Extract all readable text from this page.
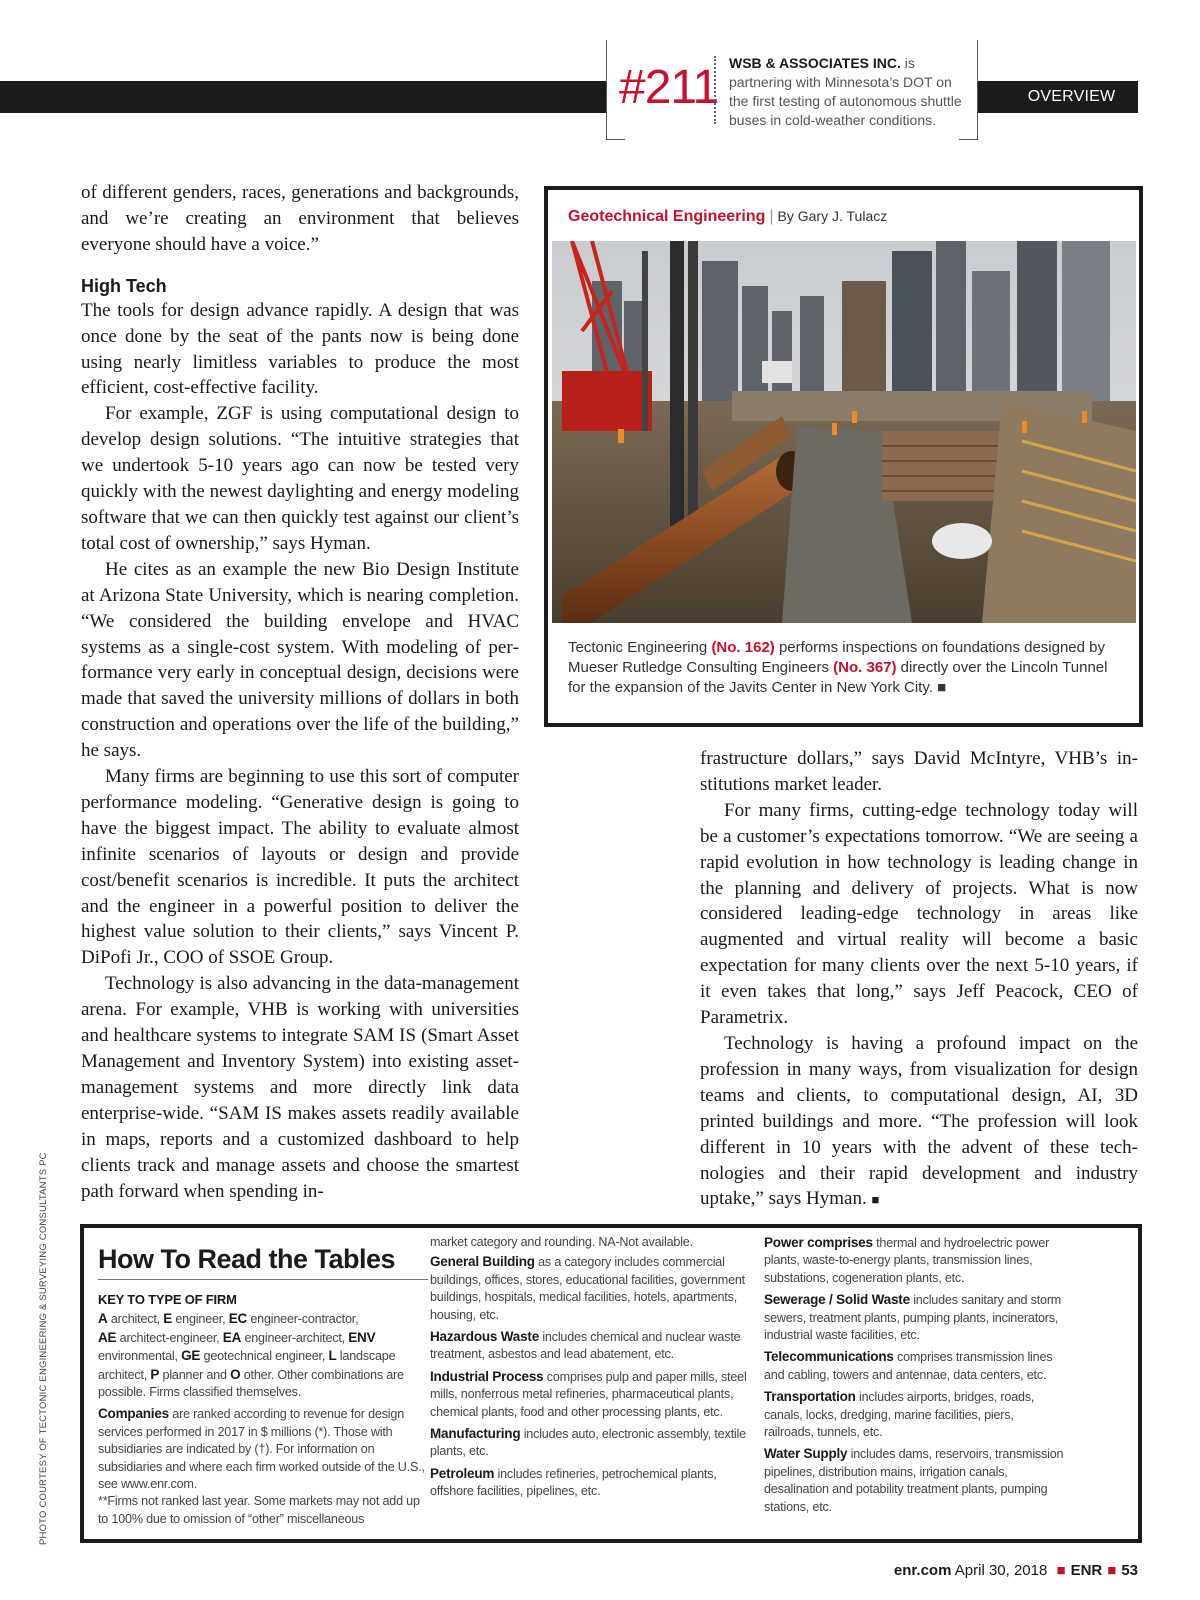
OVERVIEW
#211 WSB & ASSOCIATES INC. is partnering with Minnesota’s DOT on the first testing of autonomous shuttle buses in cold-weather conditions.

of different genders, races, generations and backgrounds, and we’re creating an environment that believes everyone should have a voice.”

High Tech

The tools for design advance rapidly. A design that was once done by the seat of the pants now is being done using nearly limitless variables to produce the most efficient, cost-effective facility.

For example, ZGF is using computational design to develop design solutions. “The intuitive strategies that we undertook 5-10 years ago can now be tested very quickly with the newest daylighting and energy modeling software that we can then quickly test against our client’s total cost of ownership,” says Hyman.

He cites as an example the new Bio Design Institute at Arizona State University, which is nearing completion. “We considered the building envelope and HVAC systems as a single-cost system. With modeling of performance very early in conceptual design, decisions were made that saved the university millions of dollars in both construction and operations over the life of the building,” he says.

Many firms are beginning to use this sort of computer performance modeling. “Generative design is going to have the biggest impact. The ability to evaluate almost infinite scenarios of layouts or design and provide cost/benefit scenarios is incredible. It puts the architect and the engineer in a powerful position to deliver the highest value solution to their clients,” says Vincent P. DiPofi Jr., COO of SSOE Group.

Technology is also advancing in the data-management arena. For example, VHB is working with universities and healthcare systems to integrate SAM IS (Smart Asset Management and Inventory System) into existing asset-management systems and more directly link data enterprise-wide. “SAM IS makes assets readily available in maps, reports and a customized dashboard to help clients track and manage assets and choose the smartest path forward when spending in-

Geotechnical Engineering | By Gary J. Tulacz
Tectonic Engineering (No. 162) performs inspections on foundations designed by Mueser Rutledge Consulting Engineers (No. 367) directly over the Lincoln Tunnel for the expansion of the Javits Center in New York City. ■

frastructure dollars,” says David McIntyre, VHB’s institutions market leader.

For many firms, cutting-edge technology today will be a customer’s expectations tomorrow. “We are seeing a rapid evolution in how technology is leading change in the planning and delivery of projects. What is now considered leading-edge technology in areas like augmented and virtual reality will become a basic expectation for many clients over the next 5-10 years, if it even takes that long,” says Jeff Peacock, CEO of Parametrix.

Technology is having a profound impact on the profession in many ways, from visualization for design teams and clients, to computational design, AI, 3D printed buildings and more. “The profession will look different in 10 years with the advent of these technologies and their rapid development and industry uptake,” says Hyman. ■

PHOTO COURTESY OF TECTONIC ENGINEERING & SURVEYING CONSULTANTS PC How To Read the Tables

KEY TO TYPE OF FIRM

A architect, E engineer, EC engineer-contractor,
AE architect-engineer, EA engineer-architect, ENV
environmental, GE geotechnical engineer, L landscape architect, P planner and O other. Other combinations are possible. Firms classified themselves.

Companies are ranked according to revenue for design services performed in 2017 in $ millions (*). Those with subsidiaries are indicated by (†). For information on subsidiaries and where each firm worked outside of the U.S., see www.enr.com.

**Firms not ranked last year. Some markets may not add up to 100% due to omission of “other” miscellaneous

market category and rounding. NA-Not available.

General Building as a category includes commercial buildings, offices, stores, educational facilities, government buildings, hospitals, medical facilities, hotels, apartments, housing, etc.

Hazardous Waste includes chemical and nuclear waste treatment, asbestos and lead abatement, etc.

Industrial Process comprises pulp and paper mills, steel mills, nonferrous metal refineries, pharmaceutical plants, chemical plants, food and other processing plants, etc.

Manufacturing includes auto, electronic assembly, textile plants, etc.

Petroleum includes refineries, petrochemical plants, offshore facilities, pipelines, etc.

Power comprises thermal and hydroelectric power plants, waste-to-energy plants, transmission lines, substations, cogeneration plants, etc.

Sewerage / Solid Waste includes sanitary and storm sewers, treatment plants, pumping plants, incinerators, industrial waste facilities, etc.

Telecommunications comprises transmission lines and cabling, towers and antennae, data centers, etc.

Transportation includes airports, bridges, roads, canals, locks, dredging, marine facilities, piers, railroads, tunnels, etc.

Water Supply includes dams, reservoirs, transmission pipelines, distribution mains, irrigation canals, desalination and potability treatment plants, pumping stations, etc.

enr.com April 30, 2018 ■ ENR ■ 53
